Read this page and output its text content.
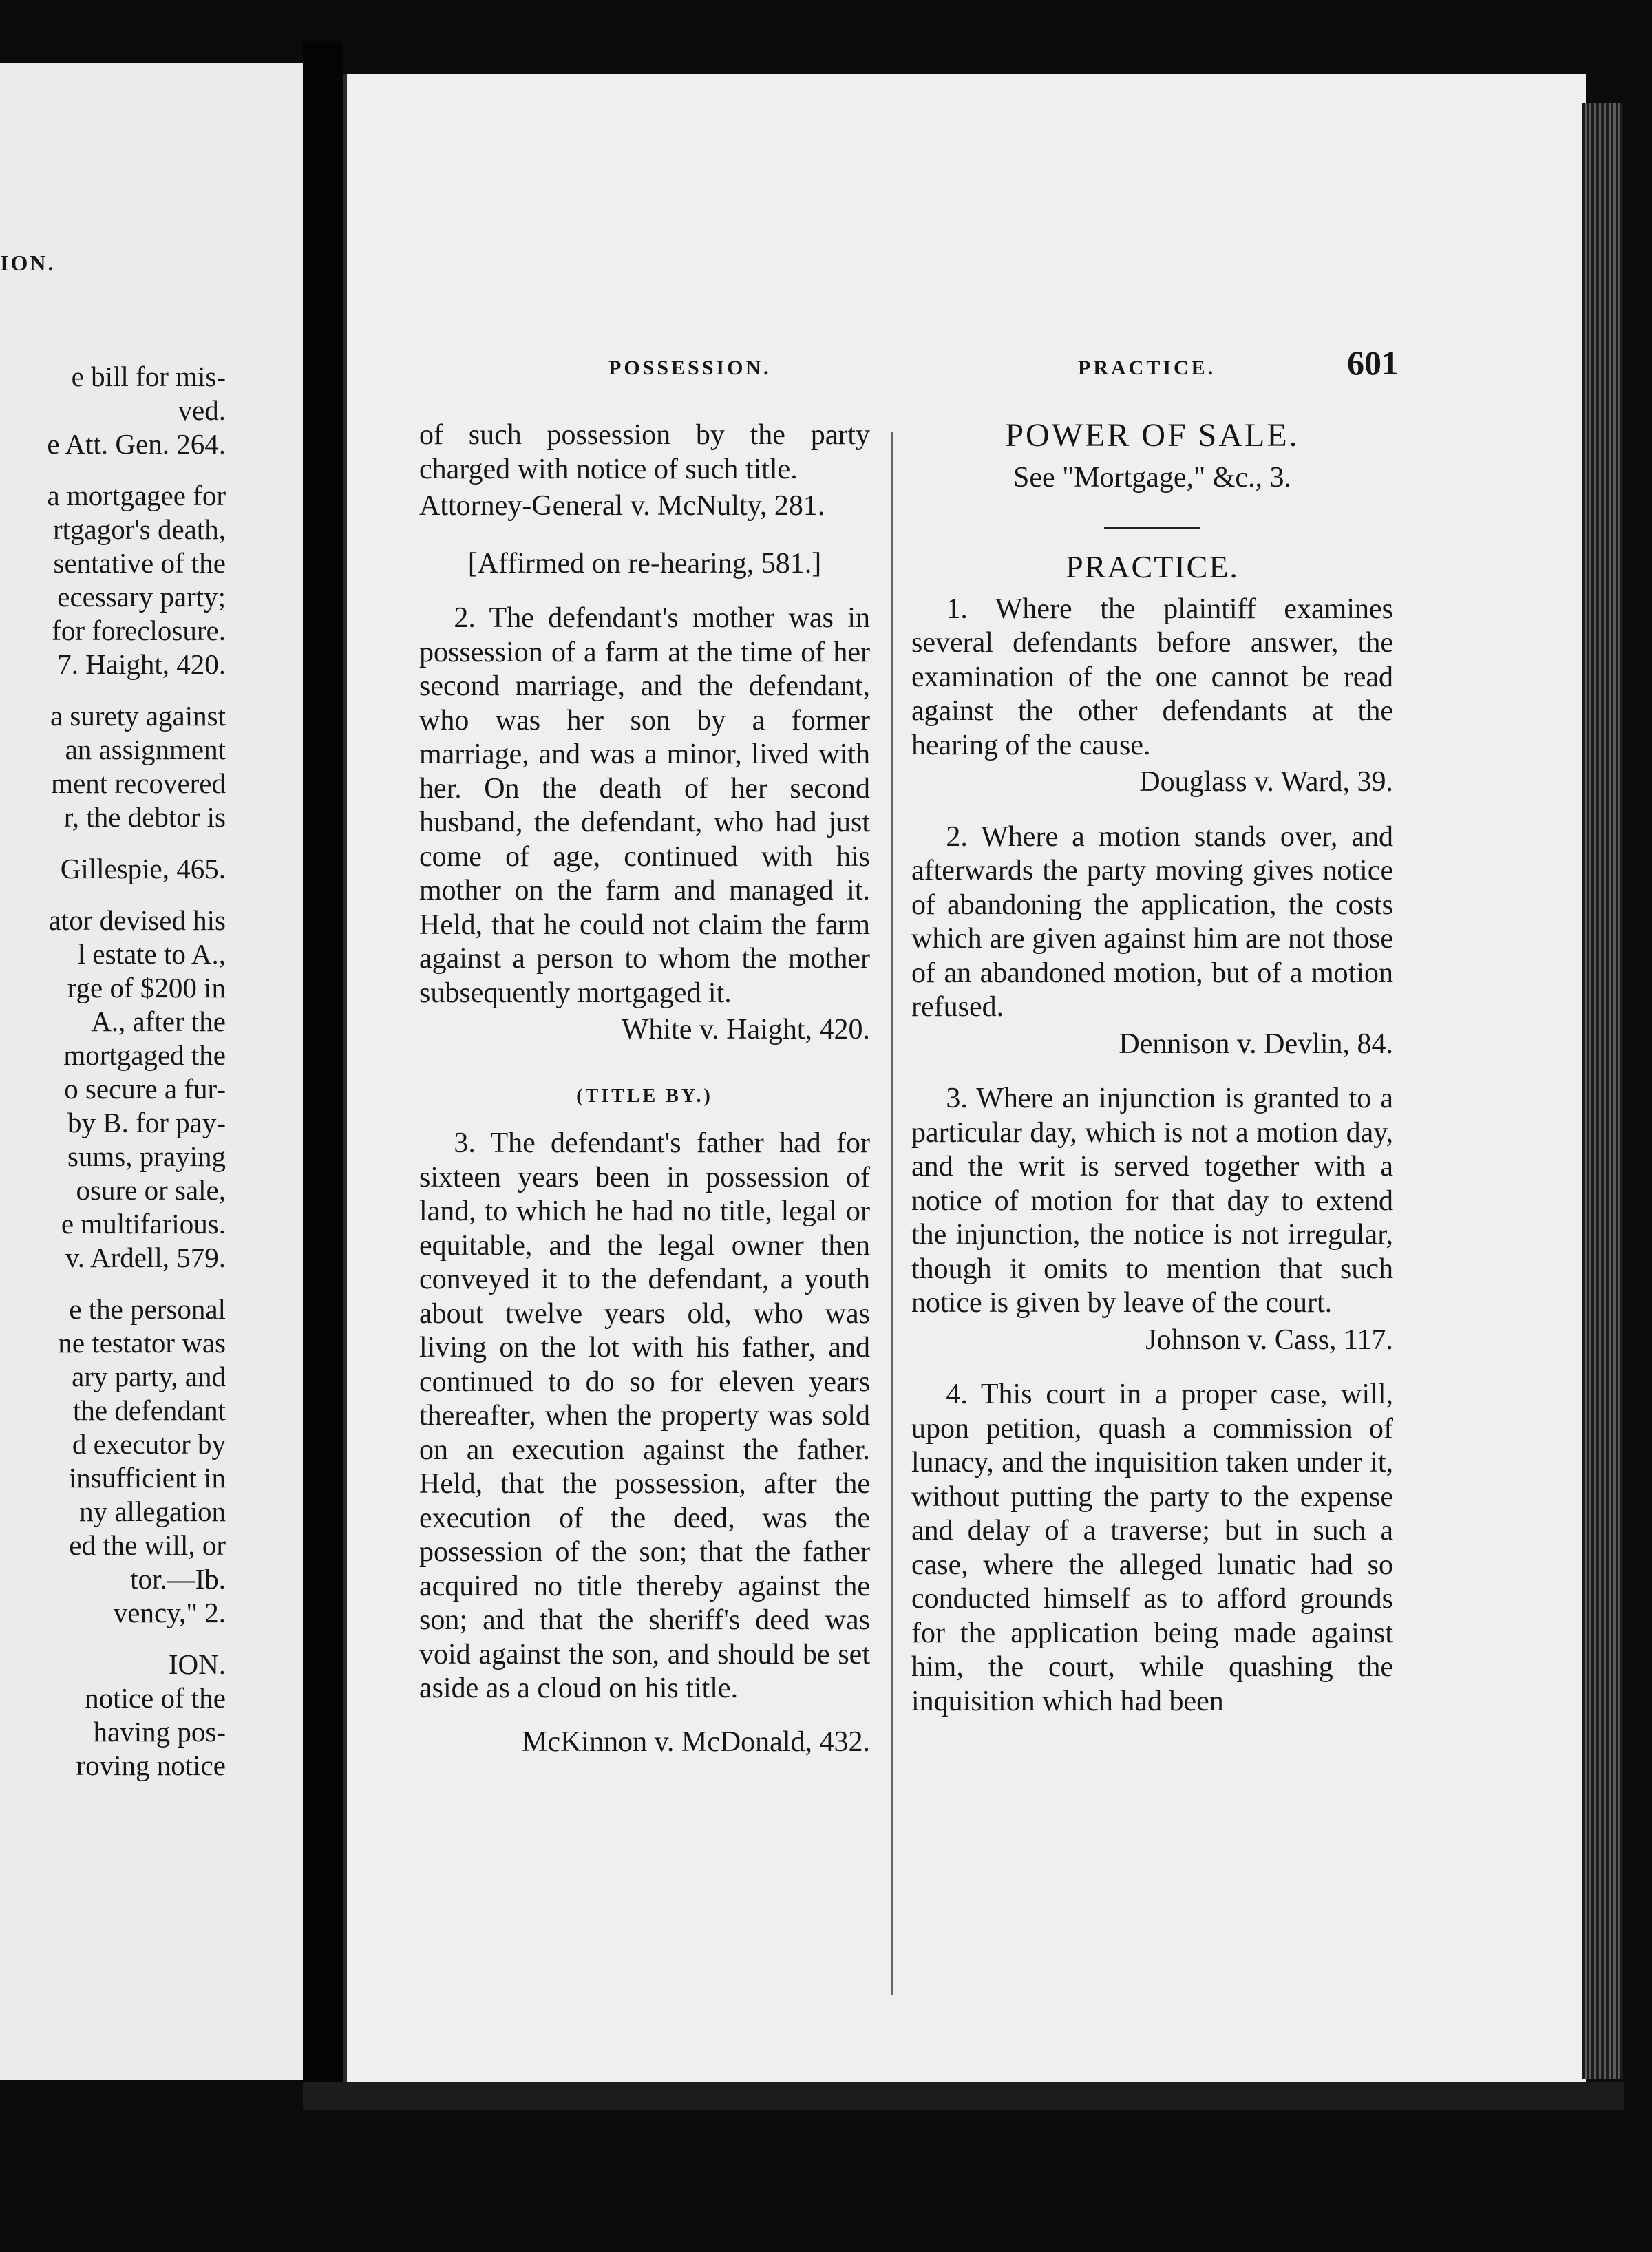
ION.

e bill for mis-

ved.

e Att. Gen. 264.

a mortgagee for

rtgagor's death,

sentative of the

ecessary party;

for foreclosure.

7. Haight, 420.

a surety against

an assignment

ment recovered

r, the debtor is

Gillespie, 465.

ator devised his

l estate to A.,

rge of $200 in

A., after the

mortgaged the

o secure a fur-

by B. for pay-

sums, praying

osure or sale,

e multifarious.

v. Ardell, 579.

e the personal

ne testator was

ary party, and

the defendant

d executor by

insufficient in

ny allegation

ed the will, or

tor.—Ib.

vency," 2.

ION.

notice of the

having pos-

roving notice

POSSESSION.	PRACTICE.	601

of such possession by the party charged with notice of such title.

Attorney-General v. McNulty, 281.

[Affirmed on re-hearing, 581.]

2. The defendant's mother was in possession of a farm at the time of her second marriage, and the defendant, who was her son by a former marriage, and was a minor, lived with her. On the death of her second husband, the defendant, who had just come of age, continued with his mother on the farm and managed it. Held, that he could not claim the farm against a person to whom the mother subsequently mortgaged it.

White v. Haight, 420.

(TITLE BY.)

3. The defendant's father had for sixteen years been in possession of land, to which he had no title, legal or equitable, and the legal owner then conveyed it to the defendant, a youth about twelve years old, who was living on the lot with his father, and continued to do so for eleven years thereafter, when the property was sold on an execution against the father. Held, that the possession, after the execution of the deed, was the possession of the son; that the father acquired no title thereby against the son; and that the sheriff's deed was void against the son, and should be set aside as a cloud on his title.

McKinnon v. McDonald, 432.

POWER OF SALE.

See "Mortgage," &c., 3.

PRACTICE.

1. Where the plaintiff examines several defendants before answer, the examination of the one cannot be read against the other defendants at the hearing of the cause.

Douglass v. Ward, 39.

2. Where a motion stands over, and afterwards the party moving gives notice of abandoning the application, the costs which are given against him are not those of an abandoned motion, but of a motion refused.

Dennison v. Devlin, 84.

3. Where an injunction is granted to a particular day, which is not a motion day, and the writ is served together with a notice of motion for that day to extend the injunction, the notice is not irregular, though it omits to mention that such notice is given by leave of the court.

Johnson v. Cass, 117.

4. This court in a proper case, will, upon petition, quash a commission of lunacy, and the inquisition taken under it, without putting the party to the expense and delay of a traverse; but in such a case, where the alleged lunatic had so conducted himself as to afford grounds for the application being made against him, the court, while quashing the inquisition which had been
